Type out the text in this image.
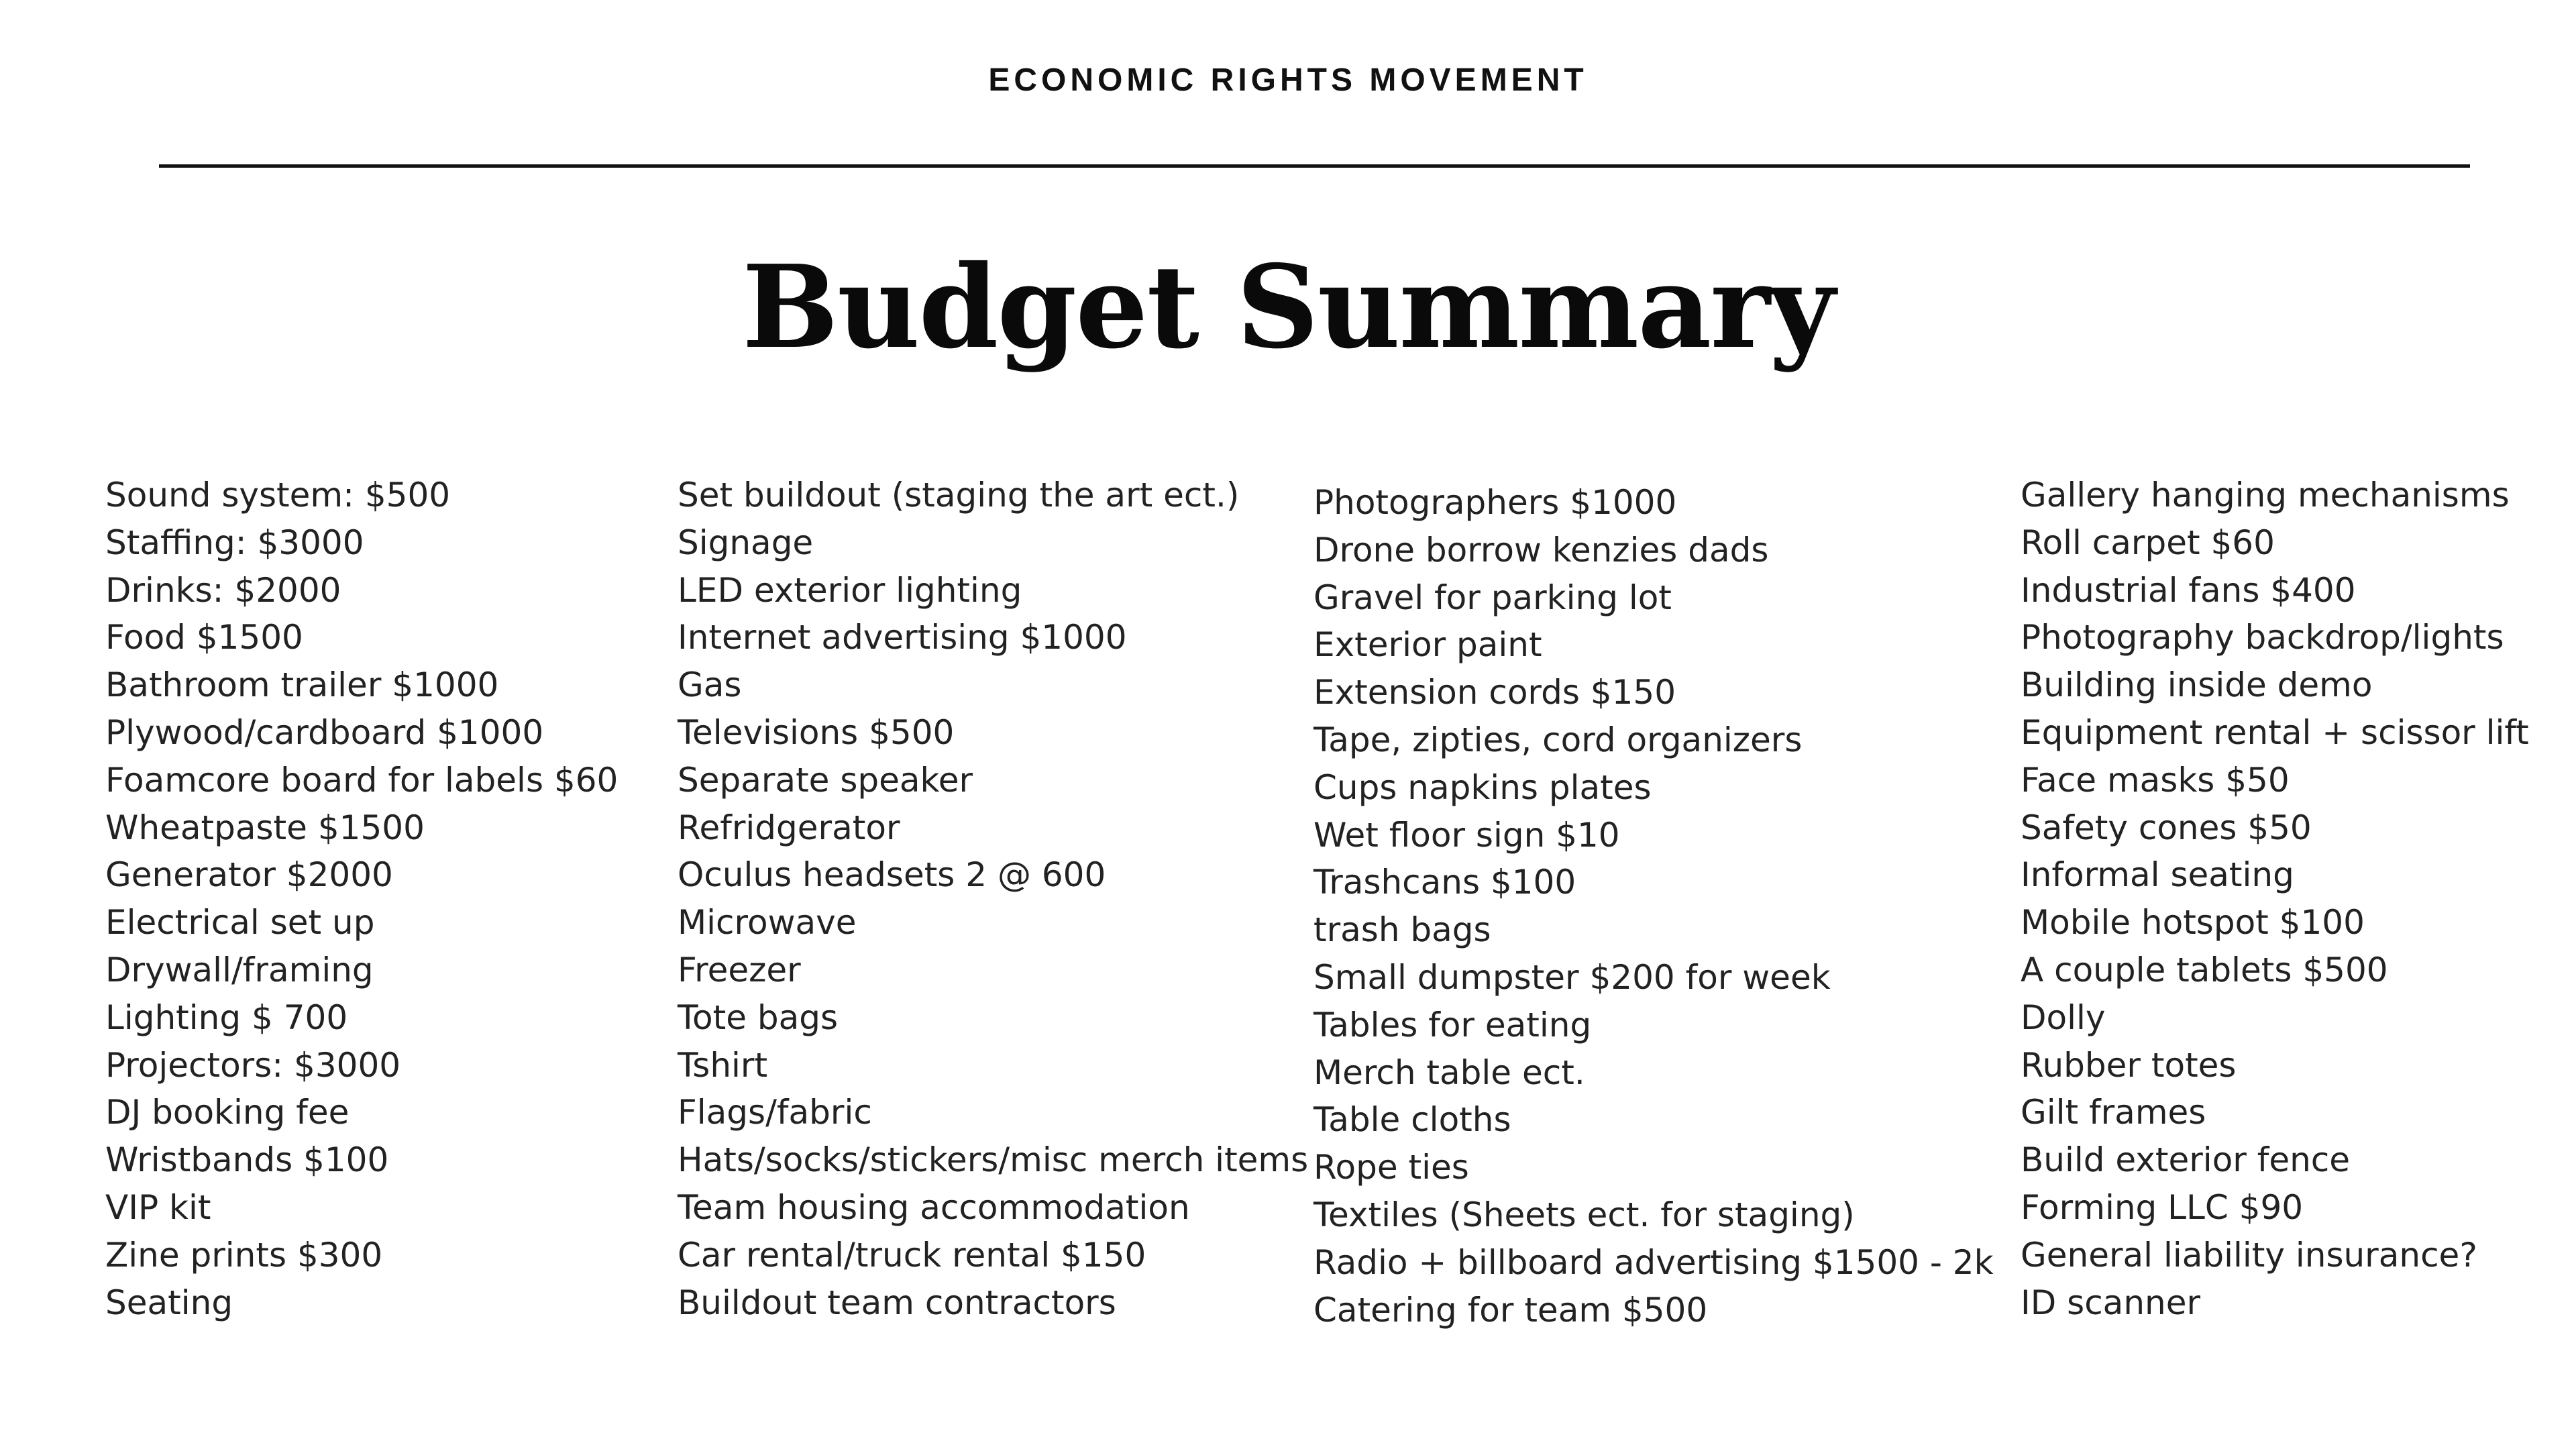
ECONOMIC RIGHTS MOVEMENT
Budget Summary
Sound system: $500
Staffing: $3000
Drinks: $2000
Food $1500
Bathroom trailer $1000
Plywood/cardboard $1000
Foamcore board for labels $60
Wheatpaste $1500
Generator $2000
Electrical set up
Drywall/framing
Lighting $ 700
Projectors: $3000
DJ booking fee
Wristbands $100
VIP kit
Zine prints $300
Seating
Set buildout (staging the art ect.)
Signage
LED exterior lighting
Internet advertising $1000
Gas
Televisions $500
Separate speaker
Refridgerator
Oculus headsets 2 @ 600
Microwave
Freezer
Tote bags
Tshirt
Flags/fabric
Hats/socks/stickers/misc merch items
Team housing accommodation
Car rental/truck rental $150
Buildout team contractors
Photographers $1000
Drone borrow kenzies dads
Gravel for parking lot
Exterior paint
Extension cords $150
Tape, zipties, cord organizers
Cups napkins plates
Wet floor sign $10
Trashcans $100
trash bags
Small dumpster $200 for week
Tables for eating
Merch table ect.
Table cloths
Rope ties
Textiles (Sheets ect. for staging)
Radio + billboard advertising $1500 - 2k
Catering for team $500
Gallery hanging mechanisms
Roll carpet $60
Industrial fans $400
Photography backdrop/lights
Building inside demo
Equipment rental + scissor lift
Face masks $50
Safety cones $50
Informal seating
Mobile hotspot $100
A couple tablets $500
Dolly
Rubber totes
Gilt frames
Build exterior fence
Forming LLC $90
General liability insurance?
ID scanner
